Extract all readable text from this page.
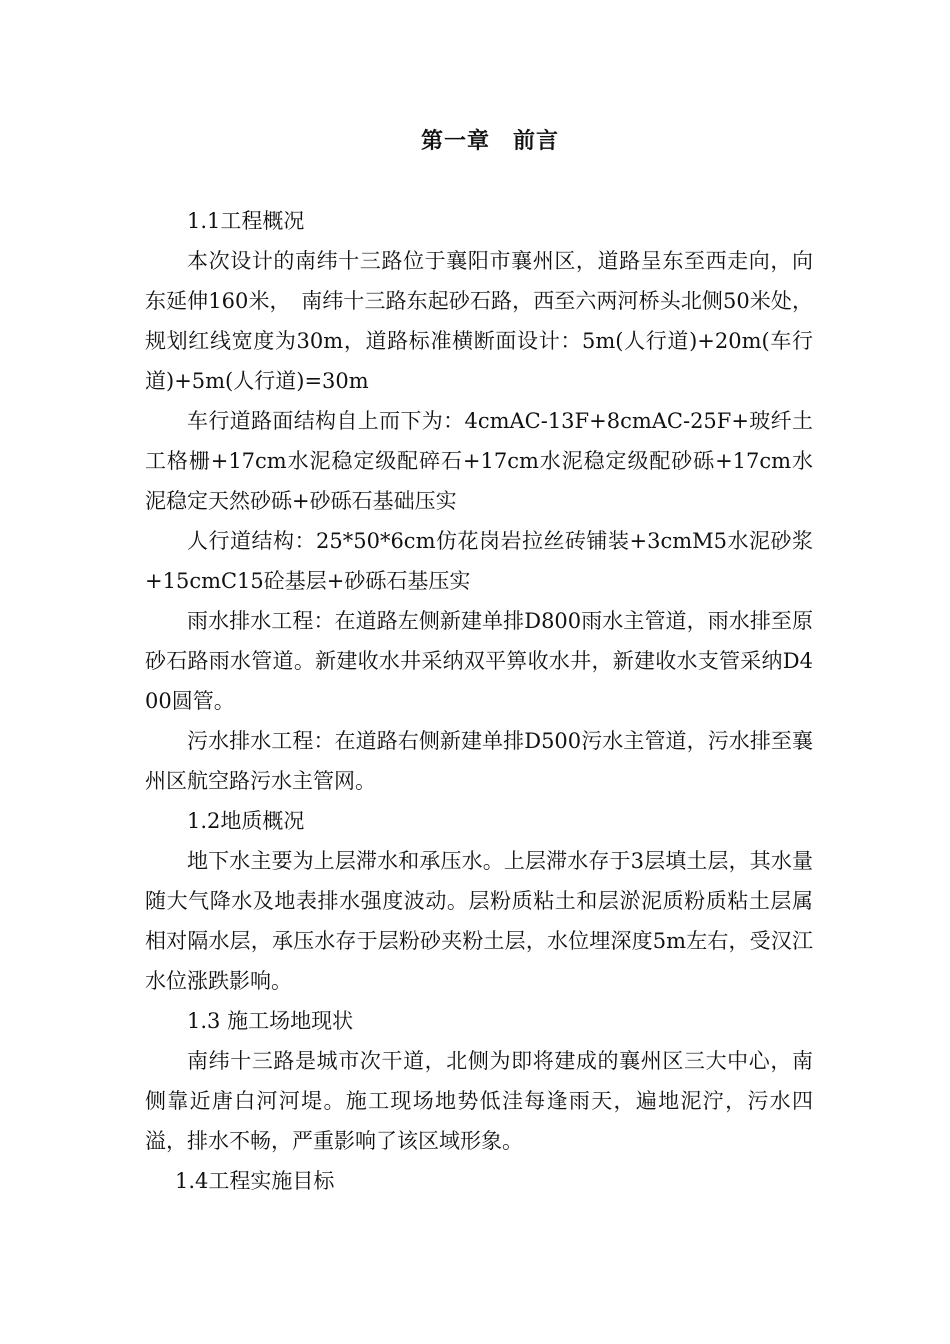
第一章　前言

1.1工程概况

本次设计的南纬十三路位于襄阳市襄州区，道路呈东至西走向，向东延伸160米，　南纬十三路东起砂石路，西至六两河桥头北侧50米处，规划红线宽度为30m，道路标准横断面设计：5m(人行道)+20m(车行道)+5m(人行道)=30m

车行道路面结构自上而下为：4cmAC-13F+8cmAC-25F+玻纤土工格栅+17cm水泥稳定级配碎石+17cm水泥稳定级配砂砾+17cm水泥稳定天然砂砾+砂砾石基础压实

人行道结构：25*50*6cm仿花岗岩拉丝砖铺装+3cmM5水泥砂浆+15cmC15砼基层+砂砾石基压实

雨水排水工程：在道路左侧新建单排D800雨水主管道，雨水排至原砂石路雨水管道。新建收水井采纳双平箅收水井，新建收水支管采纳D400圆管。

污水排水工程：在道路右侧新建单排D500污水主管道，污水排至襄州区航空路污水主管网。

1.2地质概况

地下水主要为上层滞水和承压水。上层滞水存于3层填土层，其水量随大气降水及地表排水强度波动。层粉质粘土和层淤泥质粉质粘土层属相对隔水层，承压水存于层粉砂夹粉土层，水位埋深度5m左右，受汉江水位涨跌影响。

1.3 施工场地现状

南纬十三路是城市次干道，北侧为即将建成的襄州区三大中心，南侧靠近唐白河河堤。施工现场地势低洼每逢雨天，遍地泥泞，污水四溢，排水不畅，严重影响了该区域形象。

1.4工程实施目标
